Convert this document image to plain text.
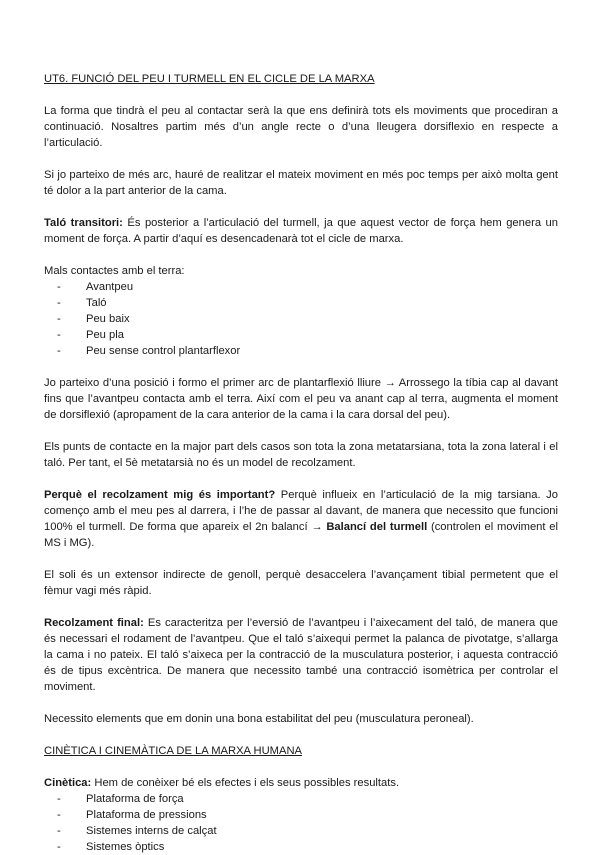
UT6. FUNCIÓ DEL PEU I TURMELL EN EL CICLE DE LA MARXA

La forma que tindrà el peu al contactar serà la que ens definirà tots els moviments que procediran a continuació. Nosaltres partim més d’un angle recte o d’una lleugera dorsiflexio en respecte a l’articulació.

Si jo parteixo de més arc, hauré de realitzar el mateix moviment en més poc temps per això molta gent té dolor a la part anterior de la cama.

Taló transitori: És posterior a l’articulació del turmell, ja que aquest vector de força hem genera un moment de força. A partir d’aquí es desencadenarà tot el cicle de marxa.

Mals contactes amb el terra:

- Avantpeu
- Taló
- Peu baix
- Peu pla
- Peu sense control plantarflexor

Jo parteixo d’una posició i formo el primer arc de plantarflexió lliure → Arrossego la tíbia cap al davant fins que l’avantpeu contacta amb el terra. Així com el peu va anant cap al terra, augmenta el moment de dorsiflexió (apropament de la cara anterior de la cama i la cara dorsal del peu).

Els punts de contacte en la major part dels casos son tota la zona metatarsiana, tota la zona lateral i el taló. Per tant, el 5è metatarsià no és un model de recolzament.

Perquè el recolzament mig és important? Perquè influeix en l’articulació de la mig tarsiana. Jo començo amb el meu pes al darrera, i l’he de passar al davant, de manera que necessito que funcioni 100% el turmell. De forma que apareix el 2n balancí → Balancí del turmell (controlen el moviment el MS i MG).

El soli és un extensor indirecte de genoll, perquè desaccelera l’avançament tibial permetent que el fèmur vagi més ràpid.

Recolzament final: Es caracteritza per l’eversió de l’avantpeu i l’aixecament del taló, de manera que és necessari el rodament de l’avantpeu. Que el taló s’aixequi permet la palanca de pivotatge, s’allarga la cama i no pateix. El taló s’aixeca per la contracció de la musculatura posterior, i aquesta contracció és de tipus excèntrica. De manera que necessito també una contracció isomètrica per controlar el moviment.

Necessito elements que em donin una bona estabilitat del peu (musculatura peroneal).

CINÈTICA I CINEMÀTICA DE LA MARXA HUMANA

Cinètica: Hem de conèixer bé els efectes i els seus possibles resultats.

- Plataforma de força
- Plataforma de pressions
- Sistemes interns de calçat
- Sistemes òptics
